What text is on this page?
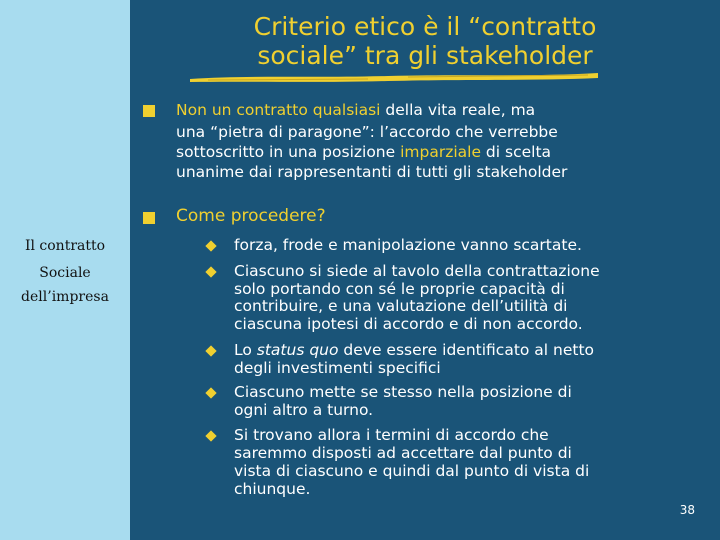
Criterio etico è il “contratto
sociale” tra gli stakeholder
Il contratto
Sociale
dell’impresa
Non un contratto qualsiasi della vita reale, ma
una “pietra di paragone”: l’accordo che verrebbe
sottoscritto in una posizione imparziale di scelta
unanime dai rappresentanti di tutti gli stakeholder
Come procedere?
forza, frode e manipolazione vanno scartate.
Ciascuno si siede al tavolo della contrattazione
solo portando con sé le proprie capacità di
contribuire, e una valutazione dell’utilità di
ciascuna ipotesi di accordo e di non accordo.
Lo status quo deve essere identificato al netto
degli investimenti specifici
Ciascuno mette se stesso nella posizione di
ogni altro a turno.
Si trovano allora i termini di accordo che
saremmo disposti ad accettare dal punto di
vista di ciascuno e quindi dal punto di vista di
chiunque.
38
